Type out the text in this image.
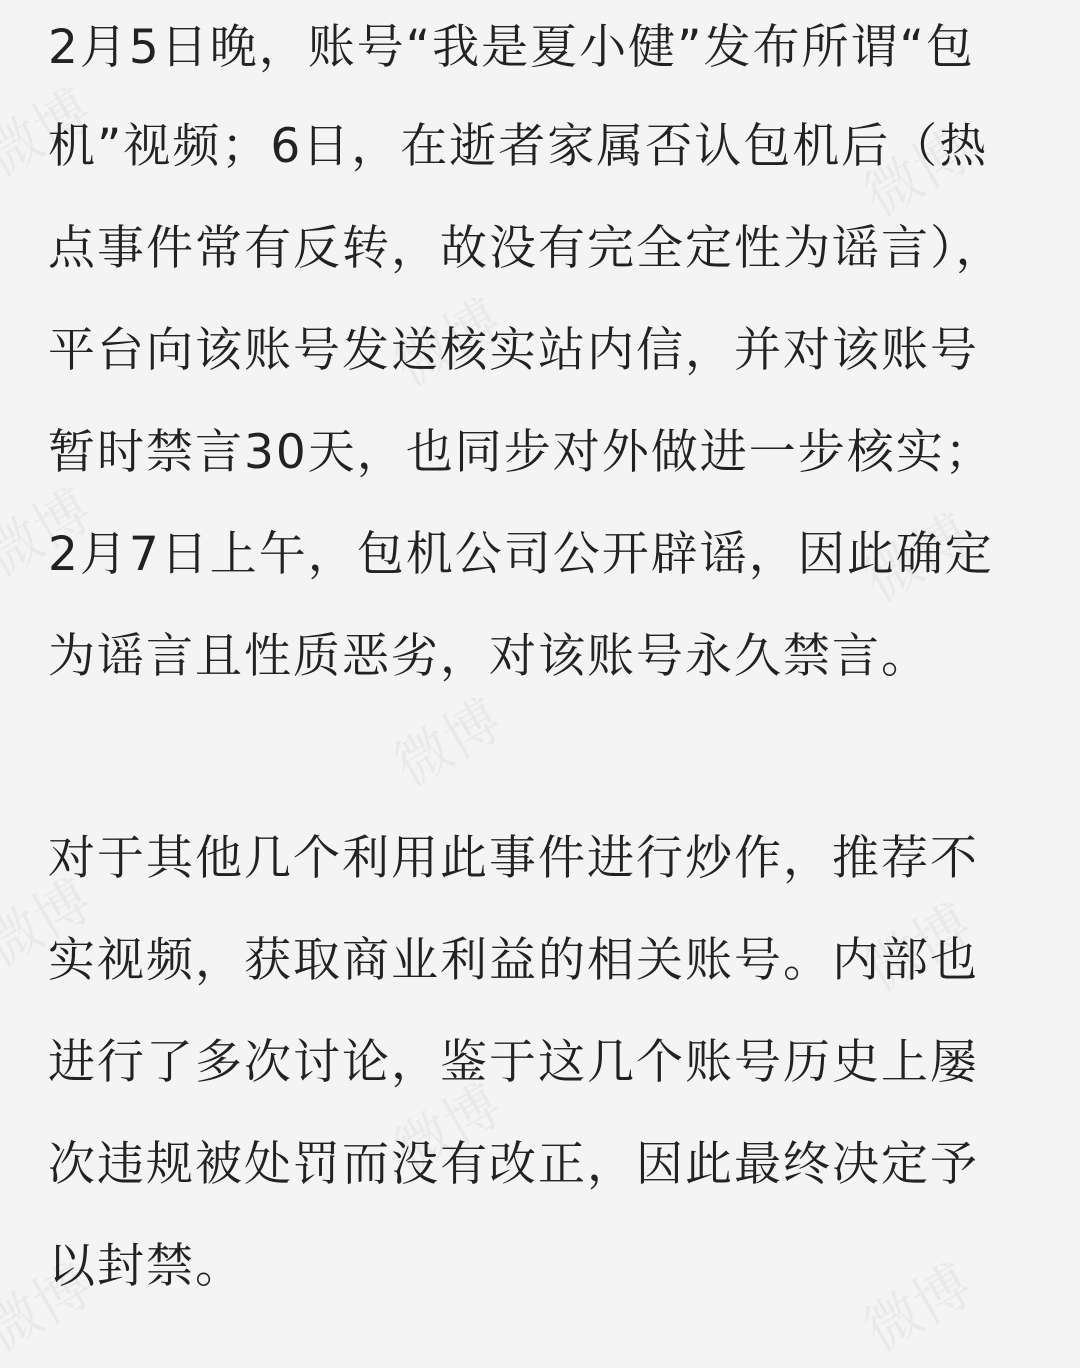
2月5日晚，账号“我是夏小健”发布所谓“包
机”视频；6日，在逝者家属否认包机后（热
点事件常有反转，故没有完全定性为谣言），
平台向该账号发送核实站内信，并对该账号
暂时禁言30天，也同步对外做进一步核实；
2月7日上午，包机公司公开辟谣，因此确定
为谣言且性质恶劣，对该账号永久禁言。
对于其他几个利用此事件进行炒作，推荐不
实视频，获取商业利益的相关账号。内部也
进行了多次讨论，鉴于这几个账号历史上屡
次违规被处罚而没有改正，因此最终决定予
以封禁。
